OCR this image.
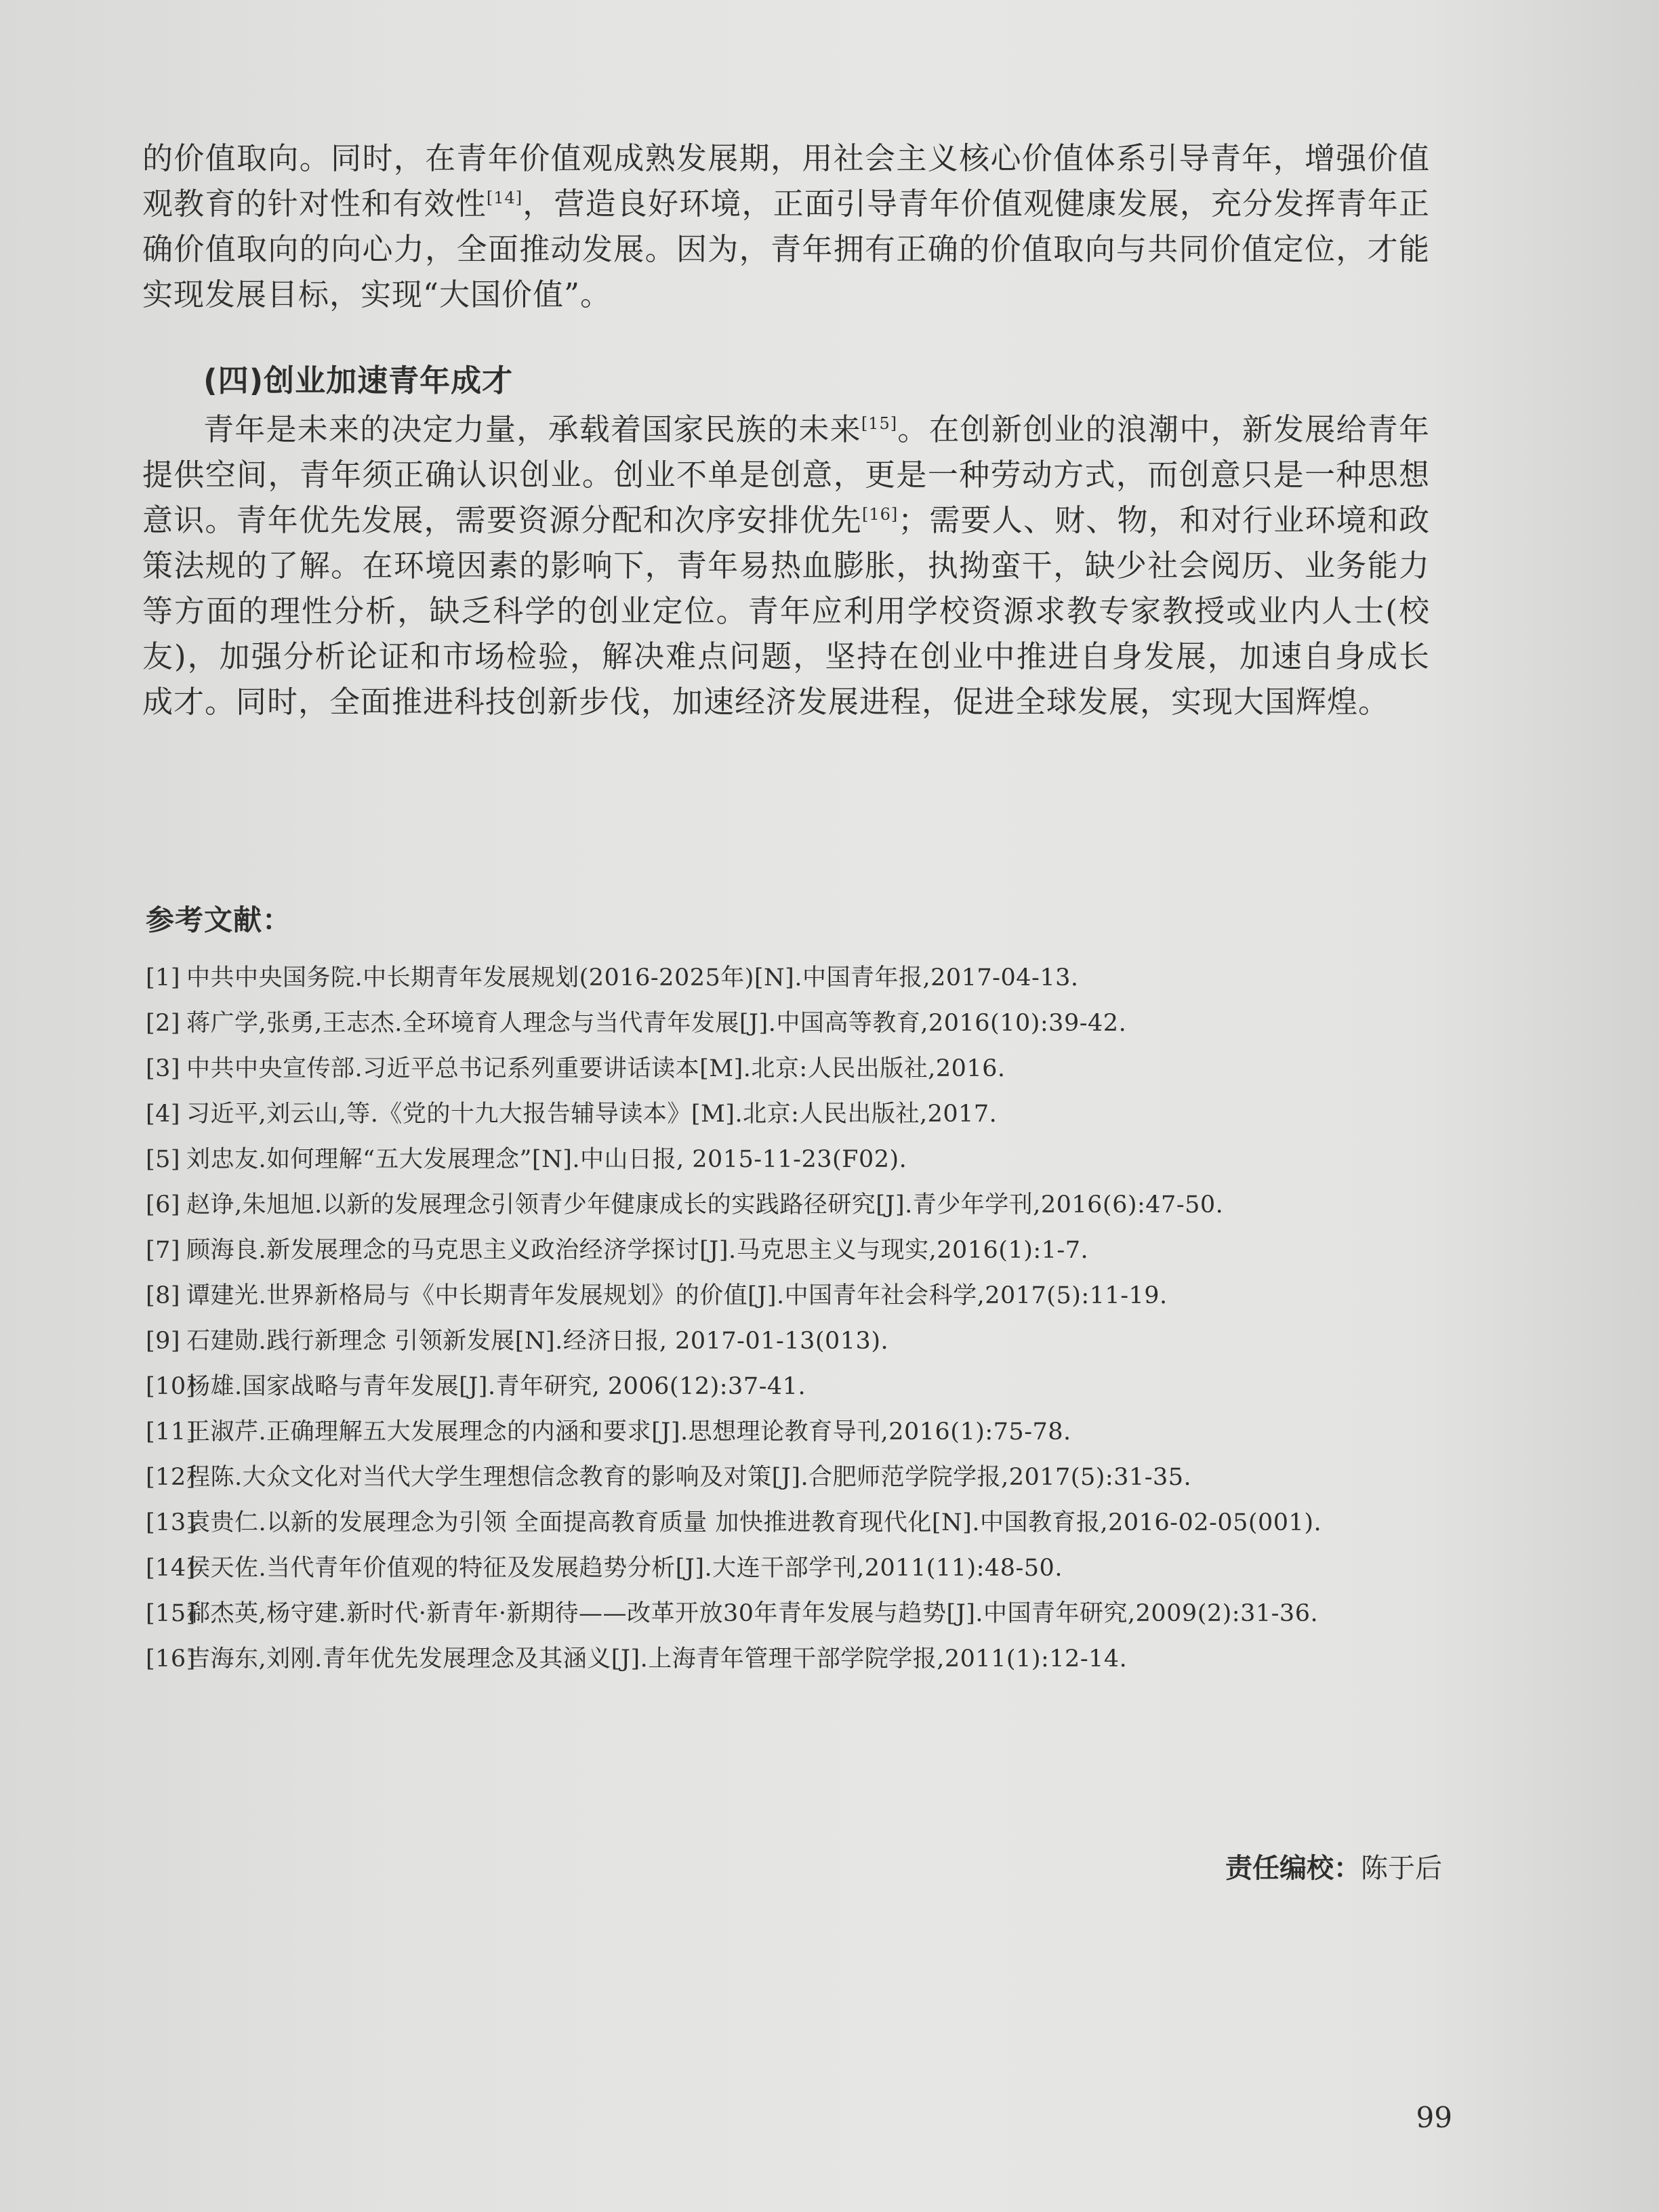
的价值取向。同时，在青年价值观成熟发展期，用社会主义核心价值体系引导青年，增强价值观教育的针对性和有效性[14]，营造良好环境，正面引导青年价值观健康发展，充分发挥青年正确价值取向的向心力，全面推动发展。因为，青年拥有正确的价值取向与共同价值定位，才能实现发展目标，实现“大国价值”。

(四)创业加速青年成才

青年是未来的决定力量，承载着国家民族的未来[15]。在创新创业的浪潮中，新发展给青年提供空间，青年须正确认识创业。创业不单是创意，更是一种劳动方式，而创意只是一种思想意识。青年优先发展，需要资源分配和次序安排优先[16]；需要人、财、物，和对行业环境和政策法规的了解。在环境因素的影响下，青年易热血膨胀，执拗蛮干，缺少社会阅历、业务能力等方面的理性分析，缺乏科学的创业定位。青年应利用学校资源求教专家教授或业内人士(校友)，加强分析论证和市场检验，解决难点问题，坚持在创业中推进自身发展，加速自身成长成才。同时，全面推进科技创新步伐，加速经济发展进程，促进全球发展，实现大国辉煌。

参考文献：
[1] 中共中央国务院.中长期青年发展规划(2016-2025年)[N].中国青年报,2017-04-13.
[2] 蒋广学,张勇,王志杰.全环境育人理念与当代青年发展[J].中国高等教育,2016(10):39-42.
[3] 中共中央宣传部.习近平总书记系列重要讲话读本[M].北京:人民出版社,2016.
[4] 习近平,刘云山,等.《党的十九大报告辅导读本》[M].北京:人民出版社,2017.
[5] 刘忠友.如何理解“五大发展理念”[N].中山日报, 2015-11-23(F02).
[6] 赵诤,朱旭旭.以新的发展理念引领青少年健康成长的实践路径研究[J].青少年学刊,2016(6):47-50.
[7] 顾海良.新发展理念的马克思主义政治经济学探讨[J].马克思主义与现实,2016(1):1-7.
[8] 谭建光.世界新格局与《中长期青年发展规划》的价值[J].中国青年社会科学,2017(5):11-19.
[9] 石建勋.践行新理念 引领新发展[N].经济日报, 2017-01-13(013).
[10]
杨雄.国家战略与青年发展[J].青年研究, 2006(12):37-41.
[11]
王淑芹.正确理解五大发展理念的内涵和要求[J].思想理论教育导刊,2016(1):75-78.
[12]
程陈.大众文化对当代大学生理想信念教育的影响及对策[J].合肥师范学院学报,2017(5):31-35.
[13]
袁贵仁.以新的发展理念为引领 全面提高教育质量 加快推进教育现代化[N].中国教育报,2016-02-05(001).
[14]
侯天佐.当代青年价值观的特征及发展趋势分析[J].大连干部学刊,2011(11):48-50.
[15]
郗杰英,杨守建.新时代·新青年·新期待——改革开放30年青年发展与趋势[J].中国青年研究,2009(2):31-36.
[16]
吉海东,刘刚.青年优先发展理念及其涵义[J].上海青年管理干部学院学报,2011(1):12-14.

责任编校：陈于后

99
